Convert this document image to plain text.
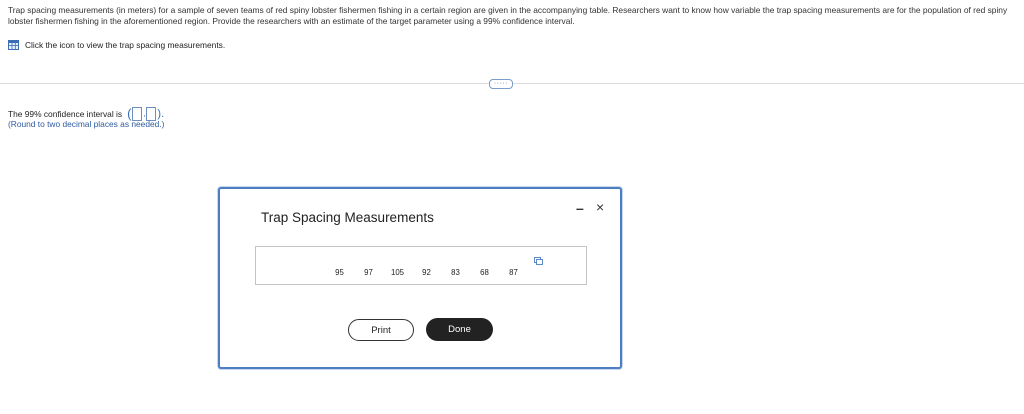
Trap spacing measurements (in meters) for a sample of seven teams of red spiny lobster fishermen fishing in a certain region are given in the accompanying table. Researchers want to know how variable the trap spacing measurements are for the population of red spiny lobster fishermen fishing in the aforementioned region. Provide the researchers with an estimate of the target parameter using a 99% confidence interval.
Click the icon to view the trap spacing measurements.
·····
The 99% confidence interval is ( , ).
(Round to two decimal places as needed.)
Trap Spacing Measurements
– ×
95	97	105	92	83	68	87
Print	Done
